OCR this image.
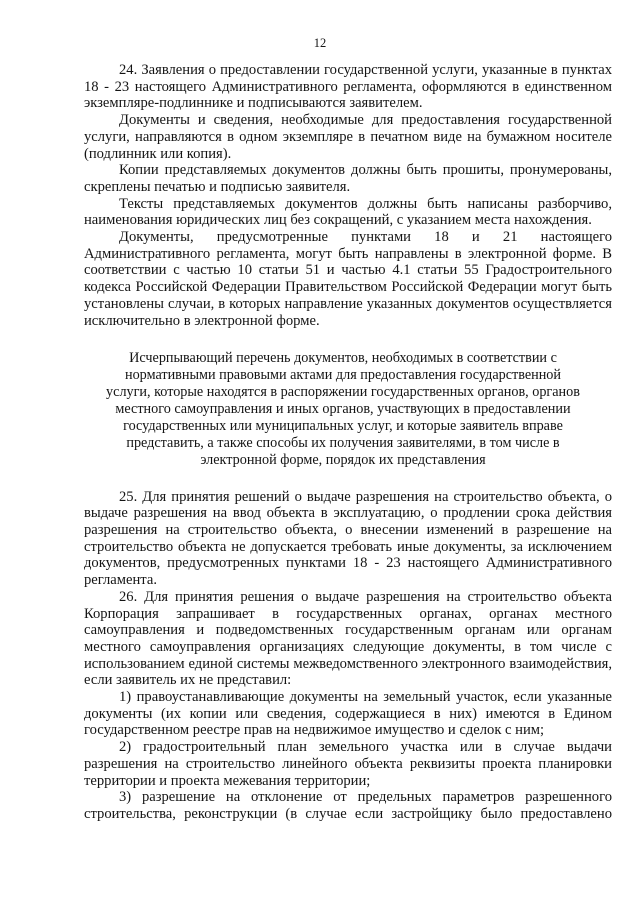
12

24. Заявления о предоставлении государственной услуги, указанные в пунктах 18 - 23 настоящего Административного регламента, оформляются в единственном экземпляре-подлиннике и подписываются заявителем.

Документы и сведения, необходимые для предоставления государственной услуги, направляются в одном экземпляре в печатном виде на бумажном носителе (подлинник или копия).

Копии представляемых документов должны быть прошиты, пронумерованы, скреплены печатью и подписью заявителя.

Тексты представляемых документов должны быть написаны разборчиво, наименования юридических лиц без сокращений, с указанием места нахождения.

Документы, предусмотренные пунктами 18 и 21 настоящего Административного регламента, могут быть направлены в электронной форме. В соответствии с частью 10 статьи 51 и частью 4.1 статьи 55 Градостроительного кодекса Российской Федерации Правительством Российской Федерации могут быть установлены случаи, в которых направление указанных документов осуществляется исключительно в электронной форме.

Исчерпывающий перечень документов, необходимых в соответствии с нормативными правовыми актами для предоставления государственной услуги, которые находятся в распоряжении государственных органов, органов местного самоуправления и иных органов, участвующих в предоставлении государственных или муниципальных услуг, и которые заявитель вправе представить, а также способы их получения заявителями, в том числе в электронной форме, порядок их представления

25. Для принятия решений о выдаче разрешения на строительство объекта, о выдаче разрешения на ввод объекта в эксплуатацию, о продлении срока действия разрешения на строительство объекта, о внесении изменений в разрешение на строительство объекта не допускается требовать иные документы, за исключением документов, предусмотренных пунктами 18 - 23 настоящего Административного регламента.

26. Для принятия решения о выдаче разрешения на строительство объекта Корпорация запрашивает в государственных органах, органах местного самоуправления и подведомственных государственным органам или органам местного самоуправления организациях следующие документы, в том числе с использованием единой системы межведомственного электронного взаимодействия, если заявитель их не представил:

1) правоустанавливающие документы на земельный участок, если указанные документы (их копии или сведения, содержащиеся в них) имеются в Едином государственном реестре прав на недвижимое имущество и сделок с ним;

2) градостроительный план земельного участка или в случае выдачи разрешения на строительство линейного объекта реквизиты проекта планировки территории и проекта межевания территории;

3) разрешение на отклонение от предельных параметров разрешенного строительства, реконструкции (в случае если застройщику было предоставлено
